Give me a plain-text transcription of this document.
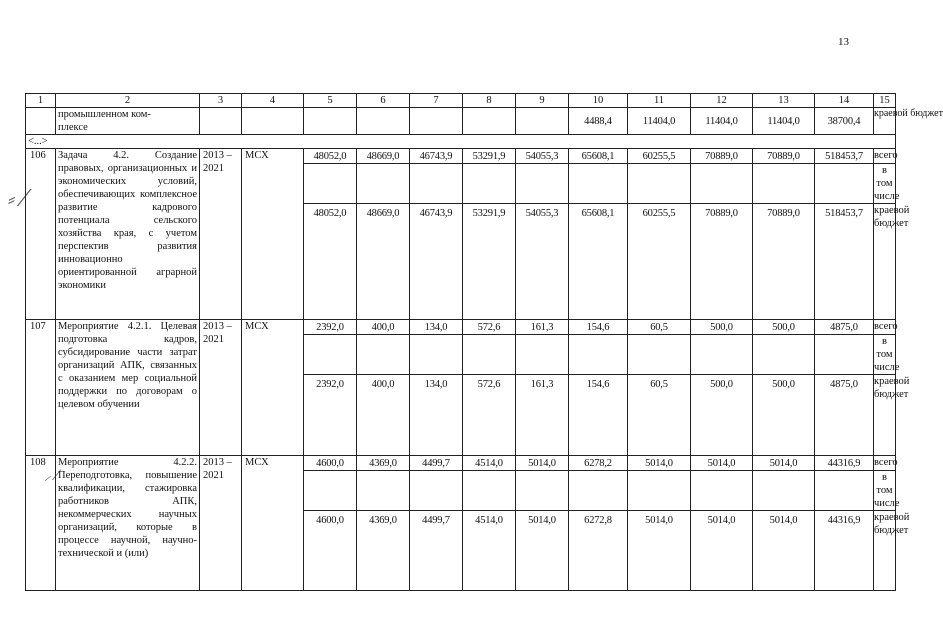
13
⸗ ⁄
⸝ ⁄
1	2	3	4	5	6	7	8	9	10	11	12	13	14	15

	промышленном ком-
плексе								4488,4	11404,0	11404,0	11404,0	38700,4	краевой бюджет
<...>														
106	Задача 4.2. Создание правовых, организационных и экономических условий, обеспечивающих комплексное развитие кадрового потенциала сельского хозяйства края, с учетом перспектив развития инновационно ориентированной аграрной экономики	2013 – 2021	МСХ	48052,0	48669,0	46743,9	53291,9	54055,3	65608,1	60255,5	70889,0	70889,0	518453,7	всего
														в том числе
				48052,0	48669,0	46743,9	53291,9	54055,3	65608,1	60255,5	70889,0	70889,0	518453,7	краевой бюджет
107	Мероприятие 4.2.1. Целевая подготовка кадров, субсидирование части затрат организаций АПК, связанных с оказанием мер социальной поддержки по договорам о целевом обучении	2013 – 2021	МСХ	2392,0	400,0	134,0	572,6	161,3	154,6	60,5	500,0	500,0	4875,0	всего
														в том числе
				2392,0	400,0	134,0	572,6	161,3	154,6	60,5	500,0	500,0	4875,0	краевой бюджет
108	Мероприятие 4.2.2. Переподготовка, повышение квалификации, стажировка работников АПК, некоммерческих научных организаций, которые в процессе научной, научно-технической и (или)	2013 – 2021	МСХ	4600,0	4369,0	4499,7	4514,0	5014,0	6278,2	5014,0	5014,0	5014,0	44316,9	всего
														в том числе
				4600,0	4369,0	4499,7	4514,0	5014,0	6272,8	5014,0	5014,0	5014,0	44316,9	краевой бюджет
